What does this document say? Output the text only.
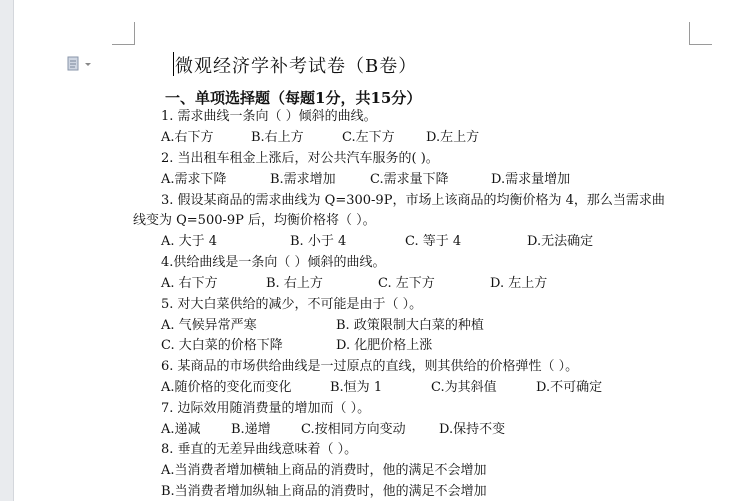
微观经济学补考试卷（B卷）
一、单项选择题（每题1分，共15分）
1. 需求曲线一条向（ ）倾斜的曲线。
A.右下方	B.右上方	C.左下方 D.左上方
2. 当出租车租金上涨后，对公共汽车服务的( )。
A.需求下降	B.需求增加	C.需求量下降	D.需求量增加
3. 假设某商品的需求曲线为 Q=300-9P，市场上该商品的均衡价格为 4，那么当需求曲
线变为 Q=500-9P 后，均衡价格将（ ）。
A. 大于 4	B. 小于 4	C. 等于 4	D.无法确定
4.供给曲线是一条向（ ）倾斜的曲线。
A. 右下方	B. 右上方	C. 左下方	D. 左上方
5. 对大白菜供给的减少，不可能是由于（ ）。
A. 气候异常严寒	B. 政策限制大白菜的种植
C. 大白菜的价格下降	D. 化肥价格上涨
6. 某商品的市场供给曲线是一过原点的直线，则其供给的价格弹性（ ）。
A.随价格的变化而变化	B.恒为 1	C.为其斜值	D.不可确定
7. 边际效用随消费量的增加而（ ）。
A.递减 B.递增 C.按相同方向变动	D.保持不变
8. 垂直的无差异曲线意味着（ ）。
A.当消费者增加横轴上商品的消费时，他的满足不会增加
B.当消费者增加纵轴上商品的消费时，他的满足不会增加
